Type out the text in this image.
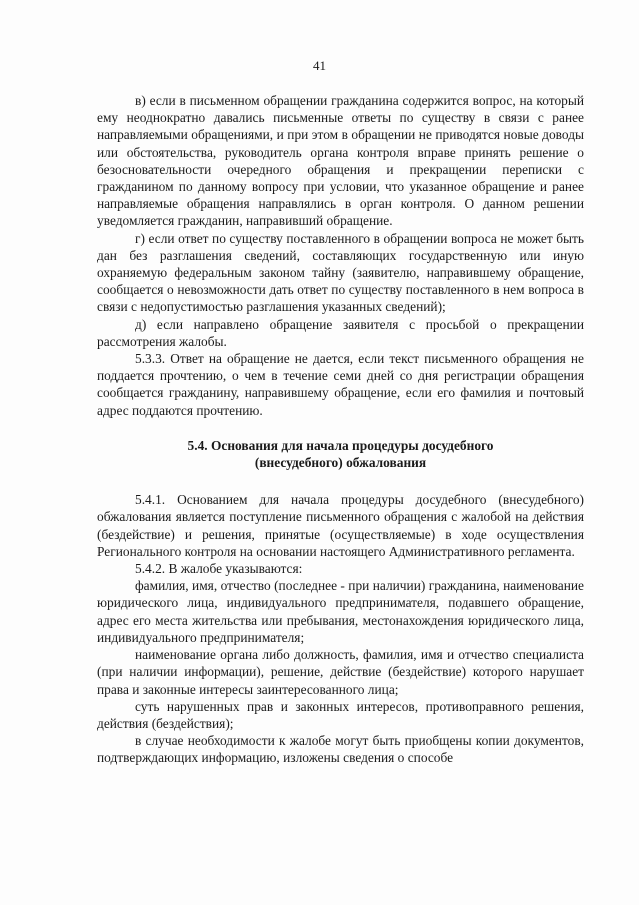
41

в) если в письменном обращении гражданина содержится вопрос, на который ему неоднократно давались письменные ответы по существу в связи с ранее направляемыми обращениями, и при этом в обращении не приводятся новые доводы или обстоятельства, руководитель органа контроля вправе принять решение о безосновательности очередного обращения и прекращении переписки с гражданином по данному вопросу при условии, что указанное обращение и ранее направляемые обращения направлялись в орган контроля. О данном решении уведомляется гражданин, направивший обращение.

г) если ответ по существу поставленного в обращении вопроса не может быть дан без разглашения сведений, составляющих государственную или иную охраняемую федеральным законом тайну (заявителю, направившему обращение, сообщается о невозможности дать ответ по существу поставленного в нем вопроса в связи с недопустимостью разглашения указанных сведений);

д) если направлено обращение заявителя с просьбой о прекращении рассмотрения жалобы.

5.3.3. Ответ на обращение не дается, если текст письменного обращения не поддается прочтению, о чем в течение семи дней со дня регистрации обращения сообщается гражданину, направившему обращение, если его фамилия и почтовый адрес поддаются прочтению.

5.4. Основания для начала процедуры досудебного
(внесудебного) обжалования

5.4.1. Основанием для начала процедуры досудебного (внесудебного) обжалования является поступление письменного обращения с жалобой на действия (бездействие) и решения, принятые (осуществляемые) в ходе осуществления Регионального контроля на основании настоящего Административного регламента.

5.4.2. В жалобе указываются:

фамилия, имя, отчество (последнее - при наличии) гражданина, наименование юридического лица, индивидуального предпринимателя, подавшего обращение, адрес его места жительства или пребывания, местонахождения юридического лица, индивидуального предпринимателя;

наименование органа либо должность, фамилия, имя и отчество специалиста (при наличии информации), решение, действие (бездействие) которого нарушает права и законные интересы заинтересованного лица;

суть нарушенных прав и законных интересов, противоправного решения, действия (бездействия);

в случае необходимости к жалобе могут быть приобщены копии документов, подтверждающих информацию, изложены сведения о способе
